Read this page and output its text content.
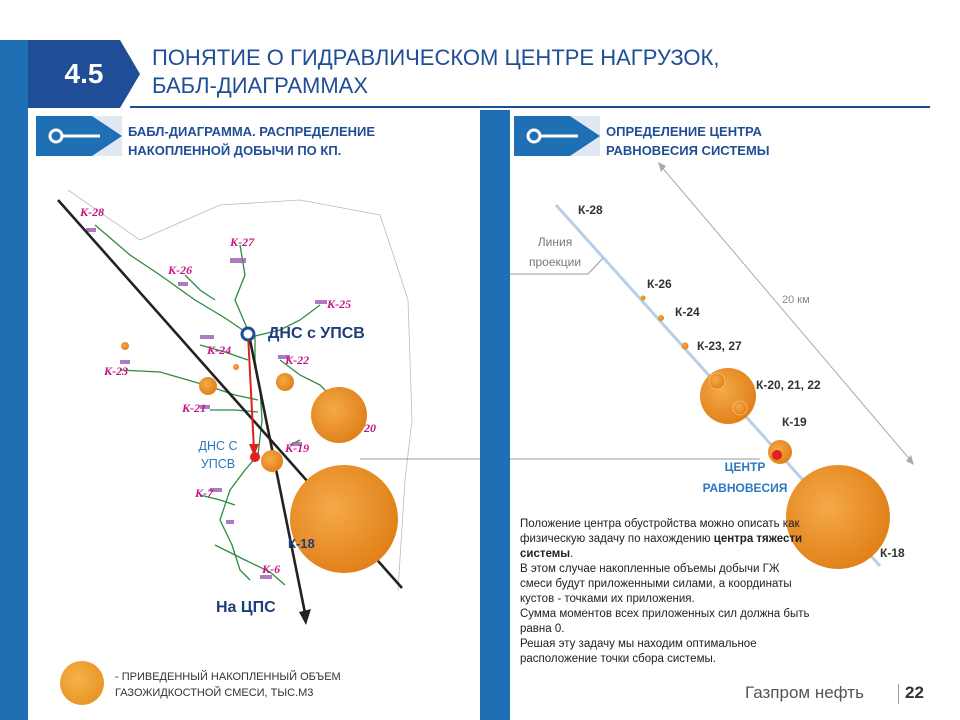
4.5
ПОНЯТИЕ О ГИДРАВЛИЧЕСКОМ ЦЕНТРЕ НАГРУЗОК,
БАБЛ-ДИАГРАММАХ
БАБЛ-ДИАГРАММА. РАСПРЕДЕЛЕНИЕ
НАКОПЛЕННОЙ ДОБЫЧИ ПО КП.
ОПРЕДЕЛЕНИЕ ЦЕНТРА
РАВНОВЕСИЯ СИСТЕМЫ
К-28
К-27
К-26
К-25
К-24
К-23
К-22
К-21
К-19
К-7
К-6
20
ДНС с УПСВ
ДНС С
УПСВ
К-18
На ЦПС
20 км
Линия
проекции
К-28
К-26
К-24
К-23, 27
К-20, 21, 22
К-19
К-18
ЦЕНТР
РАВНОВЕСИЯ
Положение центра обустройства можно описать как физическую задачу по нахождению центра тяжести системы.
В этом случае накопленные объемы добычи ГЖ смеси будут приложенными силами, а координаты кустов - точками их приложения.
Сумма моментов всех приложенных сил должна быть равна 0.
Решая эту задачу мы находим оптимальное расположение точки сбора системы.
- ПРИВЕДЕННЫЙ НАКОПЛЕННЫЙ ОБЪЕМ
ГАЗОЖИДКОСТНОЙ СМЕСИ, ТЫС.М3	Газпром нефть 22
